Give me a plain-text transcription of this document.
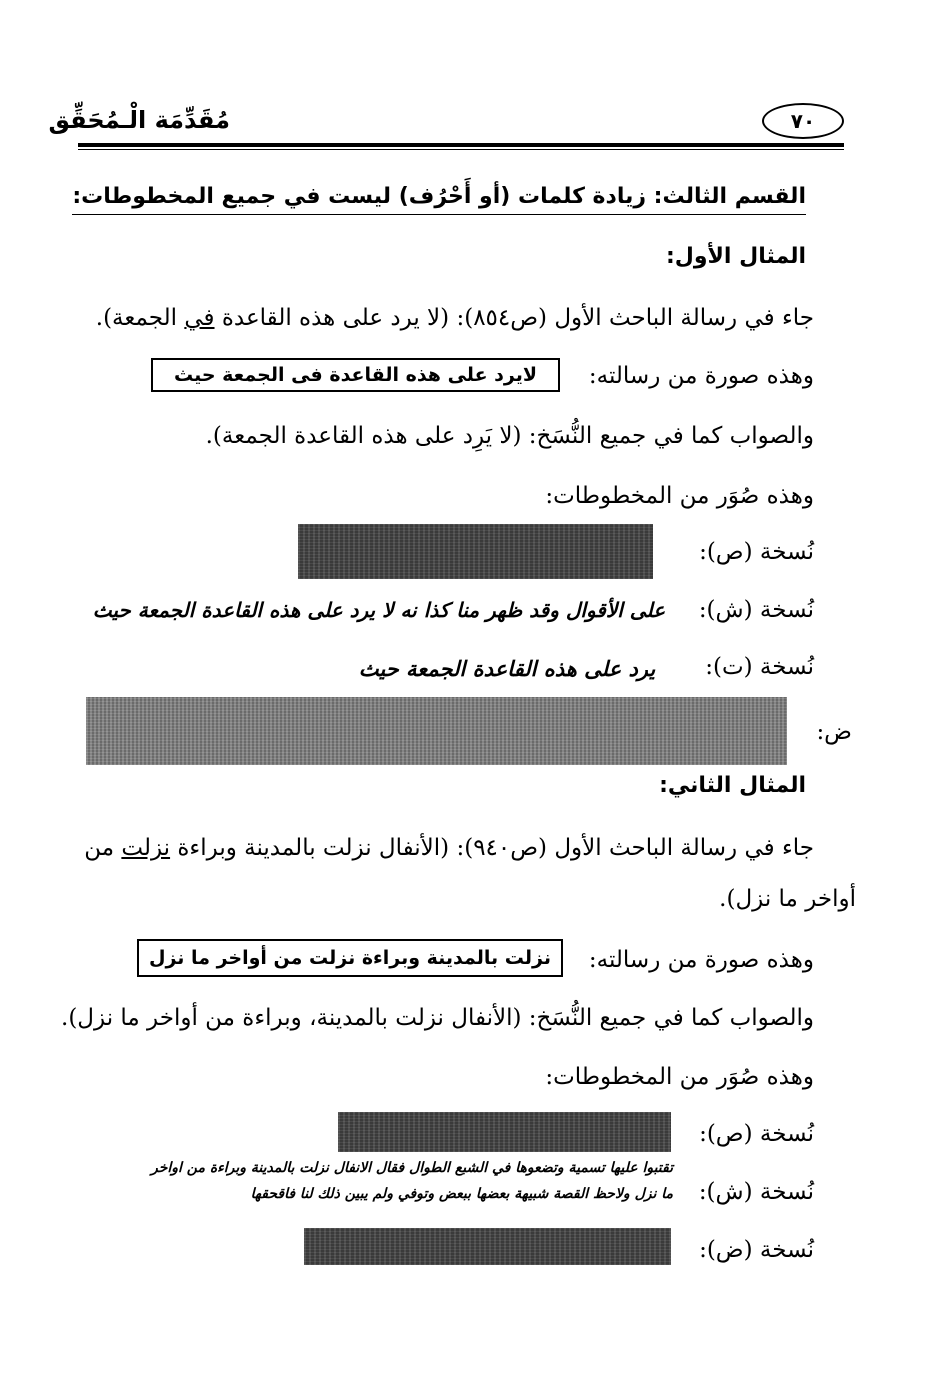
٧٠
مُقَدِّمَة الْـمُحَقِّق
القسم الثالث: زيادة كلمات (أو أَحْرُف) ليست في جميع المخطوطات:
المثال الأول:
جاء في رسالة الباحث الأول (ص٨٥٤): (لا يرد على هذه القاعدة في الجمعة).
وهذه صورة من رسالته:
لايرد على هذه القاعدة فى الجمعة حيث
والصواب كما في جميع النُّسَخ: (لا يَرِد على هذه القاعدة الجمعة).
وهذه صُوَر من المخطوطات:
نُسخة (ص):
نُسخة (ش):
على الأقوال وقد ظهر منا كذا نه لا يرد على هذه القاعدة الجمعة حيث
نُسخة (ت):
يرد على هذه القاعدة الجمعة حيث
ض:
المثال الثاني:
جاء في رسالة الباحث الأول (ص٩٤٠): (الأنفال نزلت بالمدينة وبراءة نزلت من
أواخر ما نزل).
وهذه صورة من رسالته:
نزلت بالمدينة وبراءة نزلت من أواخر ما نزل
والصواب كما في جميع النُّسَخ: (الأنفال نزلت بالمدينة، وبراءة من أواخر ما نزل).
وهذه صُوَر من المخطوطات:
نُسخة (ص):
نُسخة (ش):
تقتبوا عليها تسمية وتضعوها في الشبع الطوال فقال الانفال نزلت بالمدينة وبراءة من اواخر
ما نزل ولاحظ القصة شبيهة بعضها ببعض وتوفي ولم يبين ذلك لنا فاقحقها
نُسخة (ض):
